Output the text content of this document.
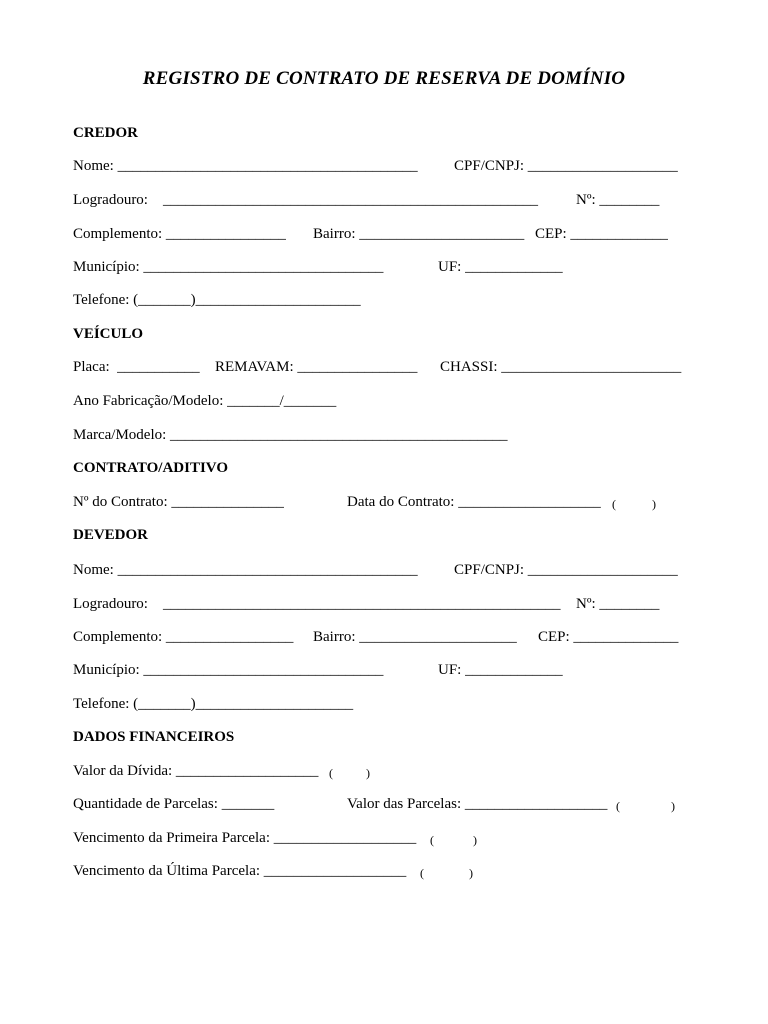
REGISTRO DE CONTRATO DE RESERVA DE DOMÍNIO
CREDOR
Nome: ________________________________________ CPF/CNPJ: ____________________
Logradouro: __________________________________________________	Nº: ________
Complemento: ________________ Bairro: ______________________ CEP: _____________
Município: ________________________________	UF: _____________
Telefone: (_______)______________________
VEÍCULO
Placa:  ___________ REMAVAM: ________________ CHASSI: ________________________
Ano Fabricação/Modelo: _______/_______
Marca/Modelo: _____________________________________________
CONTRATO/ADITIVO
Nº do Contrato: _______________	Data do Contrato: ___________________ (            )
DEVEDOR
Nome: ________________________________________ CPF/CNPJ: ____________________
Logradouro: _____________________________________________________ Nº: ________
Complemento: _________________ Bairro: _____________________ CEP: ______________
Município: ________________________________	UF: _____________
Telefone: (_______)_____________________
DADOS FINANCEIROS
Valor da Dívida: ___________________ (           )
Quantidade de Parcelas: _______	Valor das Parcelas: ___________________ (                 )
Vencimento da Primeira Parcela: ___________________ (             )
Vencimento da Última Parcela: ___________________ (               )
